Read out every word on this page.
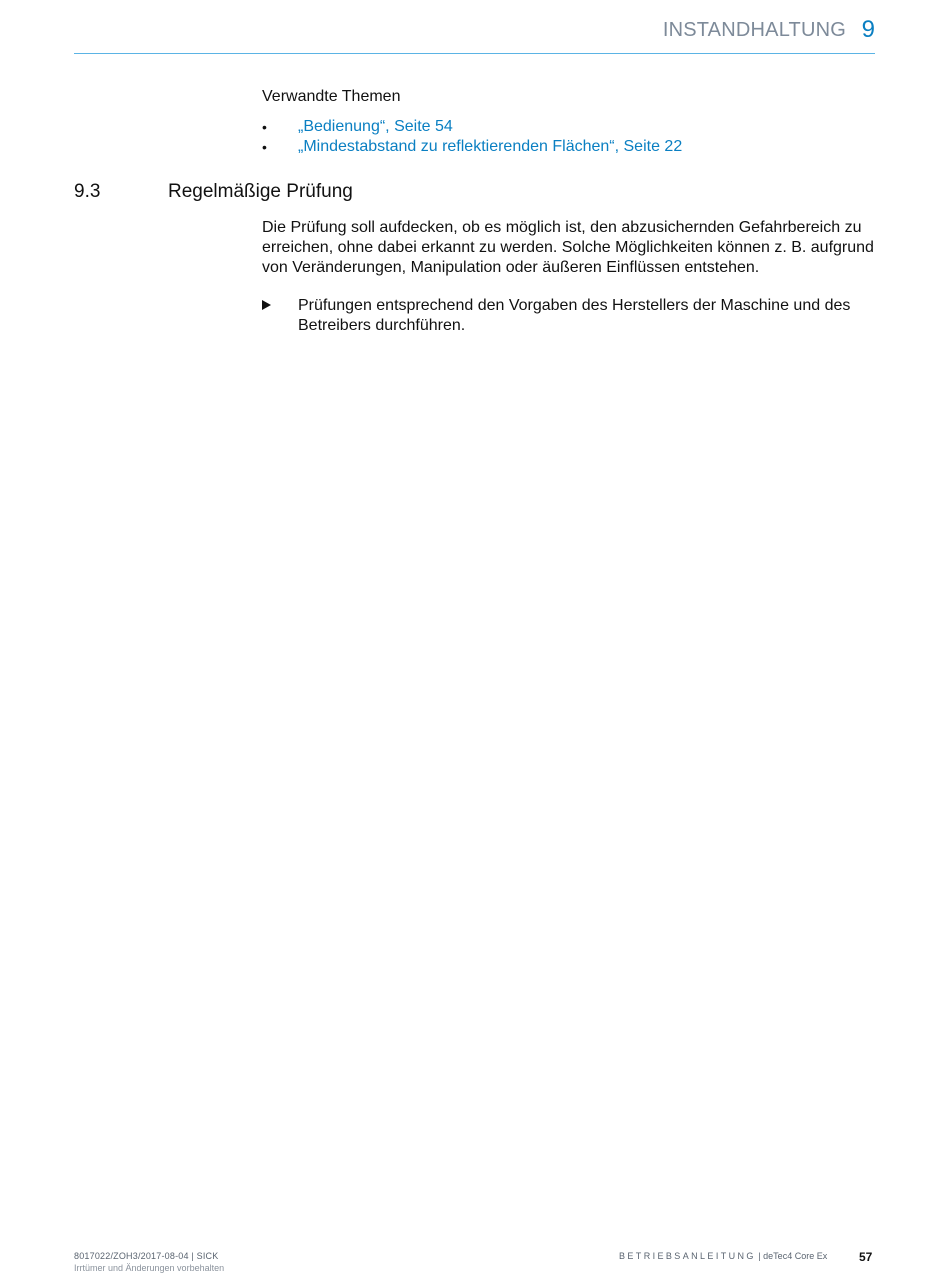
INSTANDHALTUNG 9
Verwandte Themen
•	„Bedienung“, Seite 54
•	„Mindestabstand zu reflektierenden Flächen“, Seite 22
9.3	Regelmäßige Prüfung

Die Prüfung soll aufdecken, ob es möglich ist, den abzusichernden Gefahrbereich zu erreichen, ohne dabei erkannt zu werden. Solche Möglichkeiten können z. B. aufgrund von Veränderungen, Manipulation oder äußeren Einflüssen entstehen.

Prüfungen entsprechend den Vorgaben des Herstellers der Maschine und des Betreibers durchführen.

8017022/ZOH3/2017-08-04 | SICK
Irrtümer und Änderungen vorbehalten
BETRIEBSANLEITUNG | deTec4 Core Ex	57
